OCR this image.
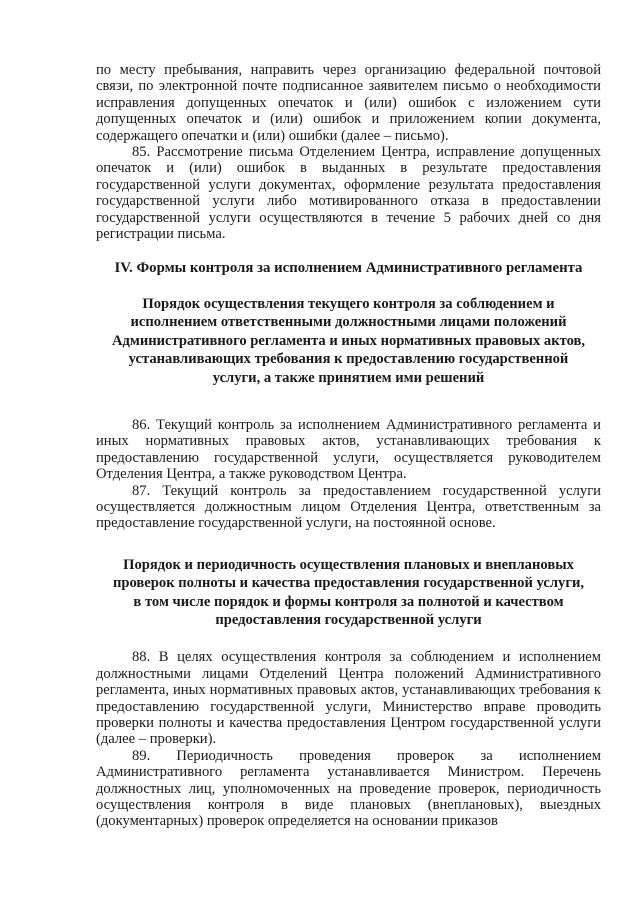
по месту пребывания, направить через организацию федеральной почтовой связи, по электронной почте подписанное заявителем письмо о необходимости исправления допущенных опечаток и (или) ошибок с изложением сути допущенных опечаток и (или) ошибок и приложением копии документа, содержащего опечатки и (или) ошибки (далее – письмо).

85. Рассмотрение письма Отделением Центра, исправление допущенных опечаток и (или) ошибок в выданных в результате предоставления государственной услуги документах, оформление результата предоставления государственной услуги либо мотивированного отказа в предоставлении государственной услуги осуществляются в течение 5 рабочих дней со дня регистрации письма.

IV. Формы контроля за исполнением Административного регламента
Порядок осуществления текущего контроля за соблюдением и исполнением ответственными должностными лицами положений Административного регламента и иных нормативных правовых актов, устанавливающих требования к предоставлению государственной услуги, а также принятием ими решений

86. Текущий контроль за исполнением Административного регламента и иных нормативных правовых актов, устанавливающих требования к предоставлению государственной услуги, осуществляется руководителем Отделения Центра, а также руководством Центра.

87. Текущий контроль за предоставлением государственной услуги осуществляется должностным лицом Отделения Центра, ответственным за предоставление государственной услуги, на постоянной основе.

Порядок и периодичность осуществления плановых и внеплановых проверок полноты и качества предоставления государственной услуги, в том числе порядок и формы контроля за полнотой и качеством предоставления государственной услуги

88. В целях осуществления контроля за соблюдением и исполнением должностными лицами Отделений Центра положений Административного регламента, иных нормативных правовых актов, устанавливающих требования к предоставлению государственной услуги, Министерство вправе проводить проверки полноты и качества предоставления Центром государственной услуги (далее – проверки).

89. Периодичность проведения проверок за исполнением Административного регламента устанавливается Министром. Перечень должностных лиц, уполномоченных на проведение проверок, периодичность осуществления контроля в виде плановых (внеплановых), выездных (документарных) проверок определяется на основании приказов
